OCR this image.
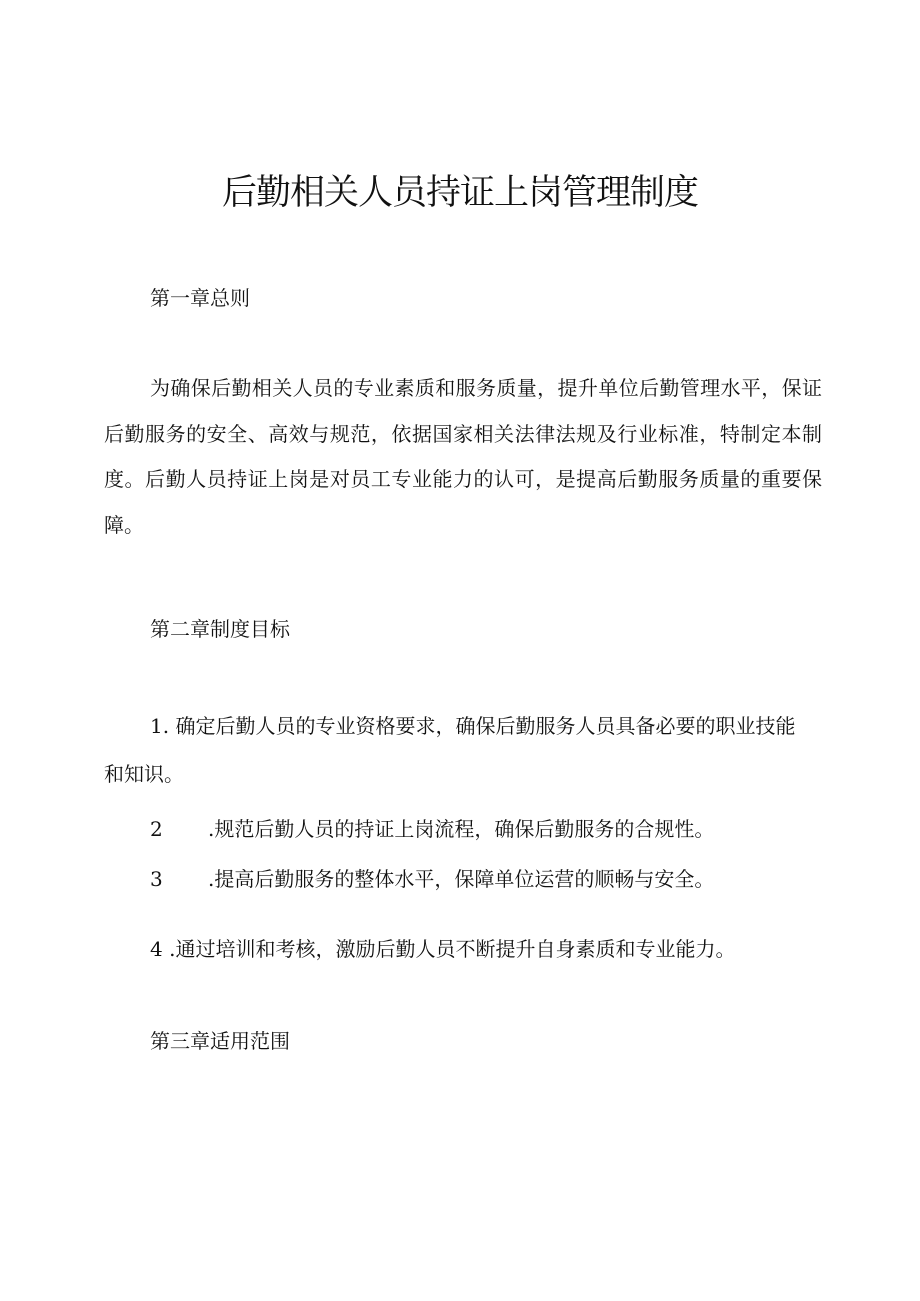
后勤相关人员持证上岗管理制度
第一章总则

为确保后勤相关人员的专业素质和服务质量，提升单位后勤管理水平，保证后勤服务的安全、高效与规范，依据国家相关法律法规及行业标准，特制定本制度。后勤人员持证上岗是对员工专业能力的认可，是提高后勤服务质量的重要保障。

第二章制度目标
1. 确定后勤人员的专业资格要求，确保后勤服务人员具备必要的职业技能和知识。
2 .规范后勤人员的持证上岗流程，确保后勤服务的合规性。
3 .提高后勤服务的整体水平，保障单位运营的顺畅与安全。
4 .通过培训和考核，激励后勤人员不断提升自身素质和专业能力。
第三章适用范围
